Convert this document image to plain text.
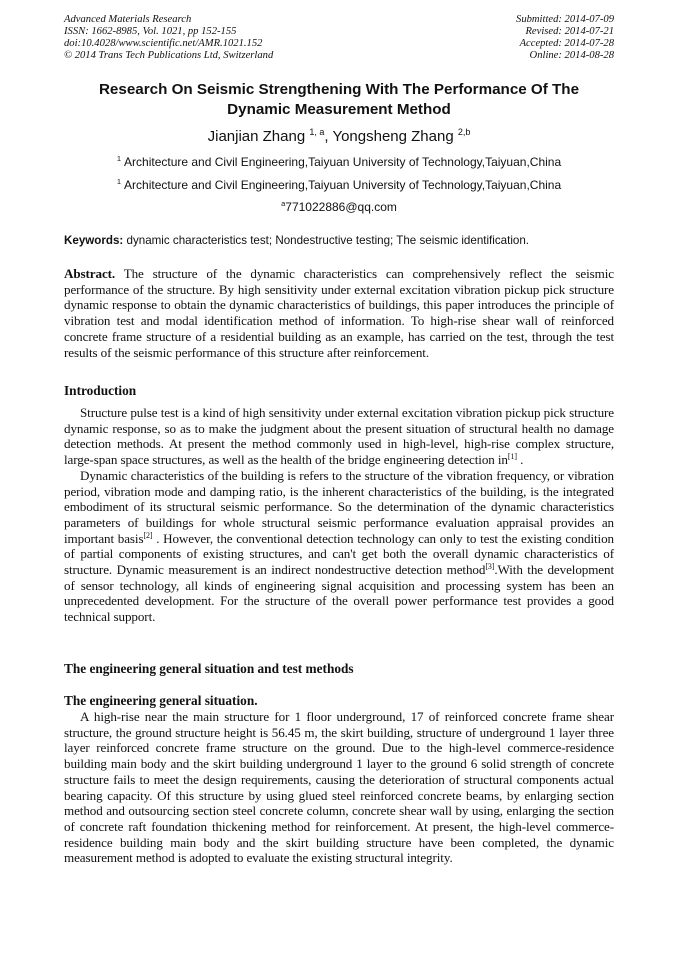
Advanced Materials Research
ISSN: 1662-8985, Vol. 1021, pp 152-155
doi:10.4028/www.scientific.net/AMR.1021.152
© 2014 Trans Tech Publications Ltd, Switzerland
Submitted: 2014-07-09
Revised: 2014-07-21
Accepted: 2014-07-28
Online: 2014-08-28
Research On Seismic Strengthening With The Performance Of The
Dynamic Measurement Method
Jianjian Zhang $^{1, a}$, Yongsheng Zhang $^{2,b}$
$^1$ Architecture and Civil Engineering,Taiyuan University of Technology,Taiyuan,China
$^1$ Architecture and Civil Engineering,Taiyuan University of Technology,Taiyuan,China
$^a$771022886@qq.com
Keywords: dynamic characteristics test; Nondestructive testing; The seismic identification.
Abstract. The structure of the dynamic characteristics can comprehensively reflect the seismic performance of the structure. By high sensitivity under external excitation vibration pickup pick structure dynamic response to obtain the dynamic characteristics of buildings, this paper introduces the principle of vibration test and modal identification method of information. To high-rise shear wall of reinforced concrete frame structure of a residential building as an example, has carried on the test, through the test results of the seismic performance of this structure after reinforcement.
Introduction

Structure pulse test is a kind of high sensitivity under external excitation vibration pickup pick structure dynamic response, so as to make the judgment about the present situation of structural health no damage detection methods. At present the method commonly used in high-level, high-rise complex structure, large-span space structures, as well as the health of the bridge engineering detection in[1] .

Dynamic characteristics of the building is refers to the structure of the vibration frequency, or vibration period, vibration mode and damping ratio, is the inherent characteristics of the building, is the integrated embodiment of its structural seismic performance. So the determination of the dynamic characteristics parameters of buildings for whole structural seismic performance evaluation appraisal provides an important basis[2] . However, the conventional detection technology can only to test the existing condition of partial components of existing structures, and can't get both the overall dynamic characteristics of structure. Dynamic measurement is an indirect nondestructive detection method[3].With the development of sensor technology, all kinds of engineering signal acquisition and processing system has been an unprecedented development. For the structure of the overall power performance test provides a good technical support.

The engineering general situation and test methods
The engineering general situation.

A high-rise near the main structure for 1 floor underground, 17 of reinforced concrete frame shear structure, the ground structure height is 56.45 m, the skirt building, structure of underground 1 layer three layer reinforced concrete frame structure on the ground. Due to the high-level commerce-residence building main body and the skirt building underground 1 layer to the ground 6 solid strength of concrete structure fails to meet the design requirements, causing the deterioration of structural components actual bearing capacity. Of this structure by using glued steel reinforced concrete beams, by enlarging section method and outsourcing section steel concrete column, concrete shear wall by using, enlarging the section of concrete raft foundation thickening method for reinforcement. At present, the high-level commerce-residence building main body and the skirt building structure have been completed, the dynamic measurement method is adopted to evaluate the existing structural integrity.
